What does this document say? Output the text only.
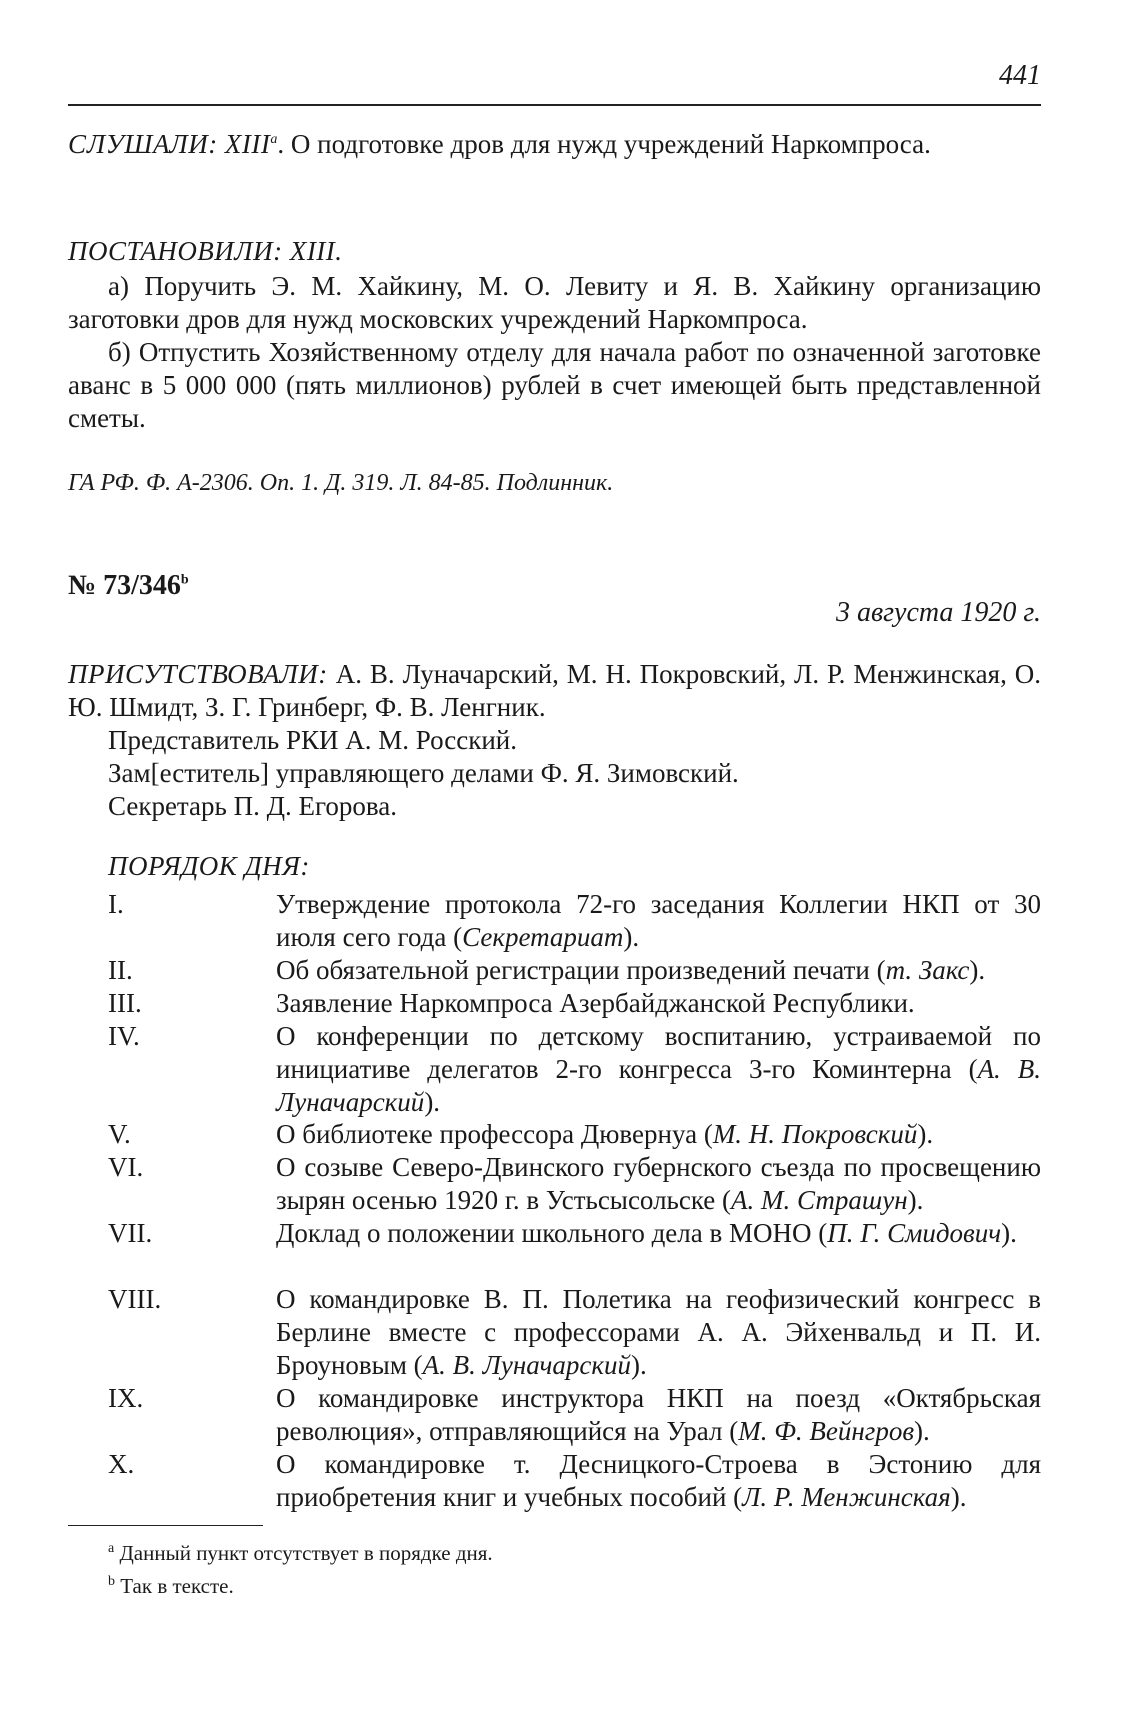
441
СЛУШАЛИ: $XIII^а$. О подготовке дров для нужд учреждений Наркомпроса.
ПОСТАНОВИЛИ: XIII.
а) Поручить Э. М. Хайкину, М. О. Левиту и Я. В. Хайкину организацию заготовки дров для нужд московских учреждений Наркомпроса.
б) Отпустить Хозяйственному отделу для начала работ по означенной заготовке аванс в 5 000 000 (пять миллионов) рублей в счет имеющей быть представленной сметы.
ГА РФ. Ф. А-2306. Оп. 1. Д. 319. Л. 84-85. Подлинник.
№ 73/346$^b$
3 августа 1920 г.
ПРИСУТСТВОВАЛИ: А. В. Луначарский, М. Н. Покровский, Л. Р. Менжинская, О. Ю. Шмидт, З. Г. Гринберг, Ф. В. Ленгник.
Представитель РКИ А. М. Росский.
Зам[еститель] управляющего делами Ф. Я. Зимовский.
Секретарь П. Д. Егорова.
ПОРЯДОК ДНЯ:
I.	Утверждение протокола 72-го заседания Коллегии НКП от 30 июля сего года (Секретариат).
II.	Об обязательной регистрации произведений печати (т. Закс).
III.	Заявление Наркомпроса Азербайджанской Республики.
IV.	О конференции по детскому воспитанию, устраиваемой по инициативе делегатов 2-го конгресса 3-го Коминтерна (А. В. Луначарский).
V.	О библиотеке профессора Дювернуа (М. Н. Покровский).
VI.	О созыве Северо-Двинского губернского съезда по просвещению зырян осенью 1920 г. в Устьсысольске (А. М. Страшун).
VII.	Доклад о положении школьного дела в МОНО (П. Г. Смидович).
VIII.	О командировке В. П. Полетика на геофизический конгресс в Берлине вместе с профессорами А. А. Эйхенвальд и П. И. Броуновым (А. В. Луначарский).
IX.	О командировке инструктора НКП на поезд «Октябрьская революция», отправляющийся на Урал (М. Ф. Вейнгров).
X.	О командировке т. Десницкого-Строева в Эстонию для приобретения книг и учебных пособий (Л. Р. Менжинская).
$^а$ Данный пункт отсутствует в порядке дня.
$^b$ Так в тексте.
